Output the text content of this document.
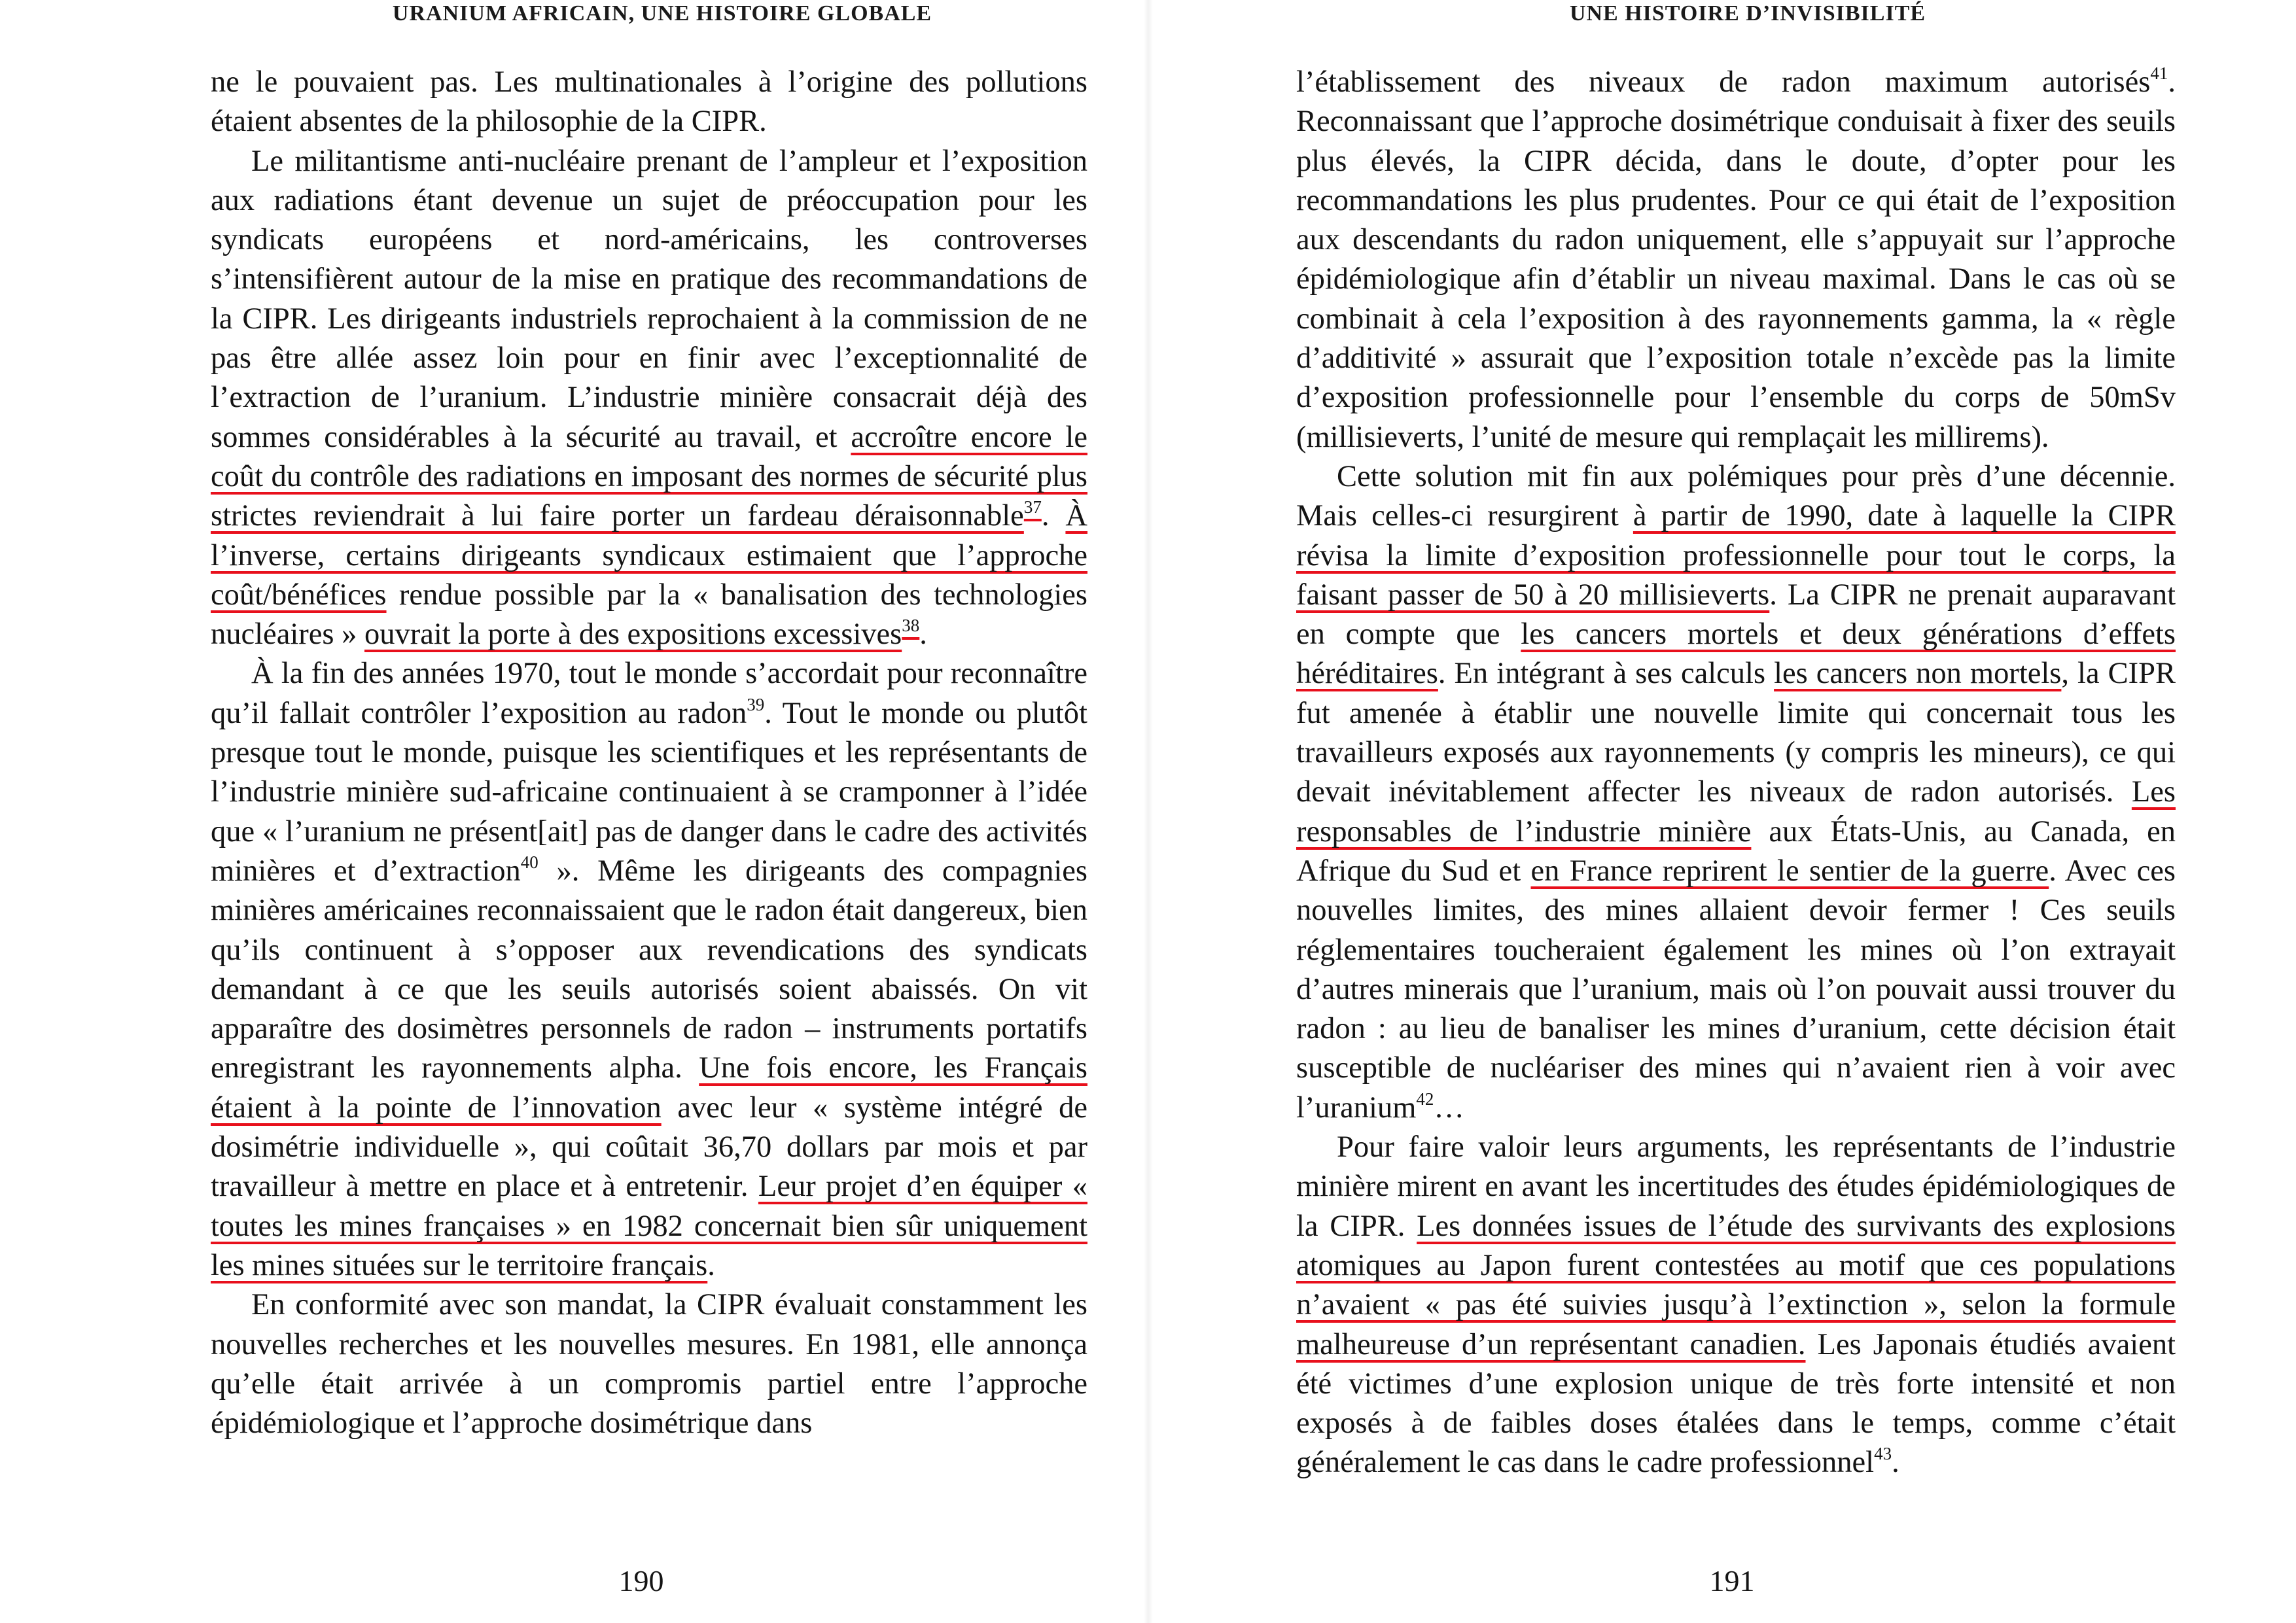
URANIUM AFRICAIN, UNE HISTOIRE GLOBALE

ne le pouvaient pas. Les multinationales à l’origine des pollutions étaient absentes de la philosophie de la CIPR.

Le militantisme anti-nucléaire prenant de l’ampleur et l’exposition aux radiations étant devenue un sujet de préoccupation pour les syndicats européens et nord-américains, les controverses s’intensifièrent autour de la mise en pratique des recommandations de la CIPR. Les dirigeants industriels reprochaient à la commission de ne pas être allée assez loin pour en finir avec l’exceptionnalité de l’extraction de l’uranium. L’industrie minière consacrait déjà des sommes considérables à la sécurité au travail, et accroître encore le coût du contrôle des radiations en imposant des normes de sécurité plus strictes reviendrait à lui faire porter un fardeau déraisonnable$^{37}$. À l’inverse, certains dirigeants syndicaux estimaient que l’approche coût/bénéfices rendue possible par la « banalisation des technologies nucléaires » ouvrait la porte à des expositions excessives$^{38}$.

À la fin des années 1970, tout le monde s’accordait pour reconnaître qu’il fallait contrôler l’exposition au radon$^{39}$. Tout le monde ou plutôt presque tout le monde, puisque les scientifiques et les représentants de l’industrie minière sud-africaine continuaient à se cramponner à l’idée que « l’uranium ne présent[ait] pas de danger dans le cadre des activités minières et d’extraction$^{40}$ ». Même les dirigeants des compagnies minières américaines reconnaissaient que le radon était dangereux, bien qu’ils continuent à s’opposer aux revendications des syndicats demandant à ce que les seuils autorisés soient abaissés. On vit apparaître des dosimètres personnels de radon – instruments portatifs enregistrant les rayonnements alpha. Une fois encore, les Français étaient à la pointe de l’innovation avec leur « système intégré de dosimétrie individuelle », qui coûtait 36,70 dollars par mois et par travailleur à mettre en place et à entretenir. Leur projet d’en équiper « toutes les mines françaises » en 1982 concernait bien sûr uniquement les mines situées sur le territoire français.

En conformité avec son mandat, la CIPR évaluait constamment les nouvelles recherches et les nouvelles mesures. En 1981, elle annonça qu’elle était arrivée à un compromis partiel entre l’approche épidémiologique et l’approche dosimétrique dans

190
UNE HISTOIRE D’INVISIBILITÉ

l’établissement des niveaux de radon maximum autorisés$^{41}$. Reconnaissant que l’approche dosimétrique conduisait à fixer des seuils plus élevés, la CIPR décida, dans le doute, d’opter pour les recommandations les plus prudentes. Pour ce qui était de l’exposition aux descendants du radon uniquement, elle s’appuyait sur l’approche épidémiologique afin d’établir un niveau maximal. Dans le cas où se combinait à cela l’exposition à des rayonnements gamma, la « règle d’additivité » assurait que l’exposition totale n’excède pas la limite d’exposition professionnelle pour l’ensemble du corps de 50mSv (millisieverts, l’unité de mesure qui remplaçait les millirems).

Cette solution mit fin aux polémiques pour près d’une décennie. Mais celles-ci resurgirent à partir de 1990, date à laquelle la CIPR révisa la limite d’exposition professionnelle pour tout le corps, la faisant passer de 50 à 20 millisieverts. La CIPR ne prenait auparavant en compte que les cancers mortels et deux générations d’effets héréditaires. En intégrant à ses calculs les cancers non mortels, la CIPR fut amenée à établir une nouvelle limite qui concernait tous les travailleurs exposés aux rayonnements (y compris les mineurs), ce qui devait inévitablement affecter les niveaux de radon autorisés. Les responsables de l’industrie minière aux États-Unis, au Canada, en Afrique du Sud et en France reprirent le sentier de la guerre. Avec ces nouvelles limites, des mines allaient devoir fermer ! Ces seuils réglementaires toucheraient également les mines où l’on extrayait d’autres minerais que l’uranium, mais où l’on pouvait aussi trouver du radon : au lieu de banaliser les mines d’uranium, cette décision était susceptible de nucléariser des mines qui n’avaient rien à voir avec l’uranium$^{42}$…

Pour faire valoir leurs arguments, les représentants de l’industrie minière mirent en avant les incertitudes des études épidémiologiques de la CIPR. Les données issues de l’étude des survivants des explosions atomiques au Japon furent contestées au motif que ces populations n’avaient « pas été suivies jusqu’à l’extinction », selon la formule malheureuse d’un représentant canadien. Les Japonais étudiés avaient été victimes d’une explosion unique de très forte intensité et non exposés à de faibles doses étalées dans le temps, comme c’était généralement le cas dans le cadre professionnel$^{43}$.

191
